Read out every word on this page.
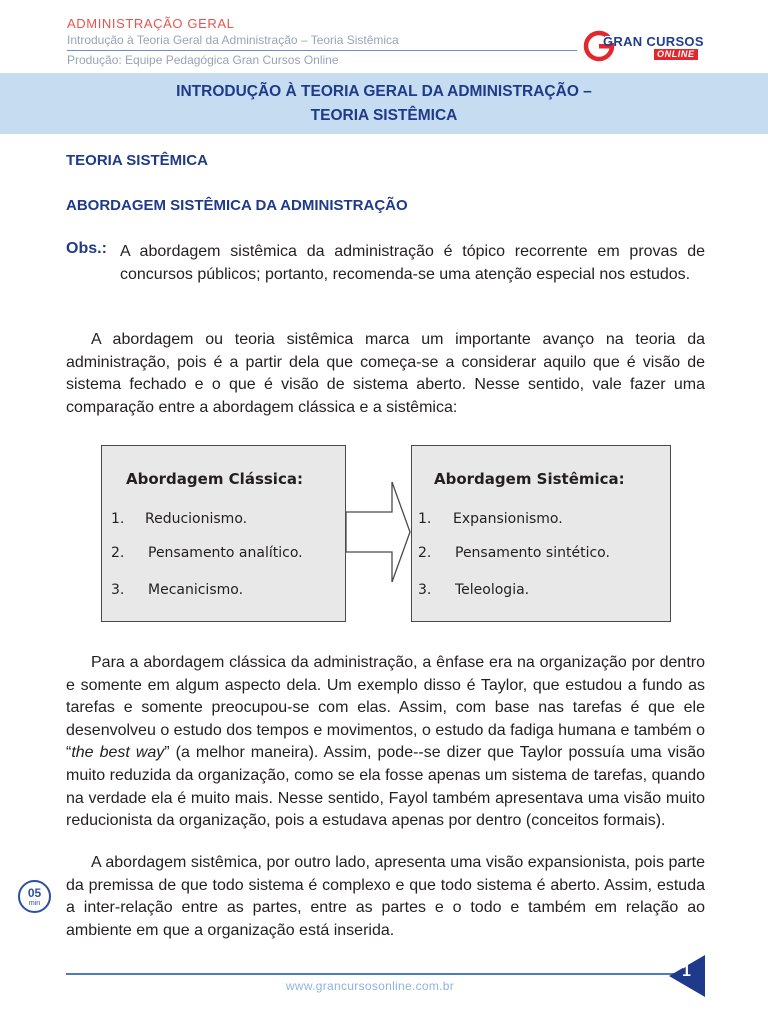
ADMINISTRAÇÃO GERAL
Introdução à Teoria Geral da Administração – Teoria Sistêmica
Produção: Equipe Pedagógica Gran Cursos Online
GRAN CURSOS
ONLINE
INTRODUÇÃO À TEORIA GERAL DA ADMINISTRAÇÃO –
TEORIA SISTÊMICA
TEORIA SISTÊMICA
ABORDAGEM SISTÊMICA DA ADMINISTRAÇÃO
Obs.: A abordagem sistêmica da administração é tópico recorrente em provas de concursos públicos; portanto, recomenda-se uma atenção especial nos estudos.

A abordagem ou teoria sistêmica marca um importante avanço na teoria da administração, pois é a partir dela que começa-se a considerar aquilo que é visão de sistema fechado e o que é visão de sistema aberto. Nesse sentido, vale fazer uma comparação entre a abordagem clássica e a sistêmica:

Abordagem Clássica:
1. Reducionismo.
2. Pensamento analítico.
3. Mecanicismo.
Abordagem Sistêmica:
1. Expansionismo.
2. Pensamento sintético.
3. Teleologia.

Para a abordagem clássica da administração, a ênfase era na organização por dentro e somente em algum aspecto dela. Um exemplo disso é Taylor, que estudou a fundo as tarefas e somente preocupou-se com elas. Assim, com base nas tarefas é que ele desenvolveu o estudo dos tempos e movimentos, o estudo da fadiga humana e também o “the best way” (a melhor maneira). Assim, pode--se dizer que Taylor possuía uma visão muito reduzida da organização, como se ela fosse apenas um sistema de tarefas, quando na verdade ela é muito mais. Nesse sentido, Fayol também apresentava uma visão muito reducionista da organização, pois a estudava apenas por dentro (conceitos formais).

A abordagem sistêmica, por outro lado, apresenta uma visão expansionista, pois parte da premissa de que todo sistema é complexo e que todo sistema é aberto. Assim, estuda a inter-relação entre as partes, entre as partes e o todo e também em relação ao ambiente em que a organização está inserida.

05
min
www.grancursosonline.com.br
1
